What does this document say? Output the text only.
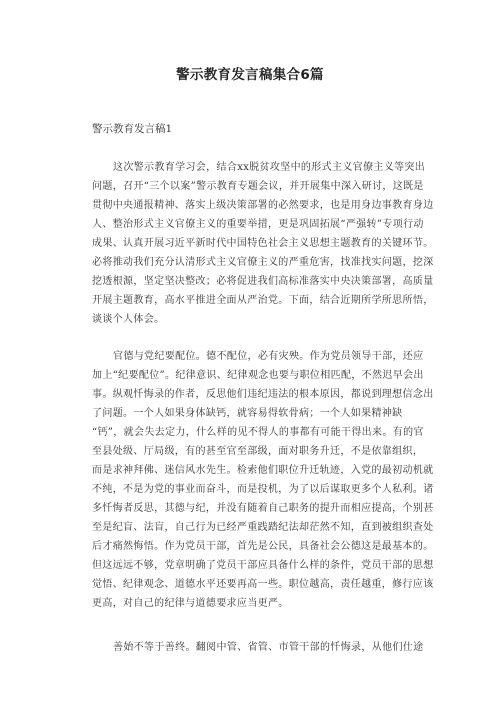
警示教育发言稿集合6篇
警示教育发言稿1
这次警示教育学习会，结合xx脱贫攻坚中的形式主义官僚主义等突出
问题，召开“三个以案”警示教育专题会议，并开展集中深入研讨，这既是
贯彻中央通报精神、落实上级决策部署的必然要求，也是用身边事教育身边
人、整治形式主义官僚主义的重要举措，更是巩固拓展“严强转”专项行动
成果、认真开展习近平新时代中国特色社会主义思想主题教育的关键环节。
必将推动我们充分认清形式主义官僚主义的严重危害，找准找实问题，挖深
挖透根源，坚定坚决整改；必将促进我们高标准落实中央决策部署，高质量
开展主题教育，高水平推进全面从严治党。下面，结合近期所学所思所悟，
谈谈个人体会。
官德与党纪要配位。德不配位，必有灾殃。作为党员领导干部，还应
加上“纪要配位”。纪律意识、纪律观念也要与职位相匹配，不然迟早会出
事。纵观忏悔录的作者，反思他们违纪违法的根本原因，都说到理想信念出
了问题。一个人如果身体缺钙，就容易得软骨病；一个人如果精神缺
“钙”，就会失去定力，什么样的见不得人的事都有可能干得出来。有的官
至县处级、厅局级，有的甚至官至部级，面对职务升迁，不是依靠组织，
而是求神拜佛、迷信风水先生。检索他们职位升迁轨迹，入党的最初动机就
不纯，不是为党的事业而奋斗，而是投机，为了以后谋取更多个人私利。诸
多忏悔者反思，其德与纪，并没有随着自己职务的提升而相应提高，个别甚
至是纪盲、法盲，自己行为已经严重践踏纪法却茫然不知，直到被组织查处
后才痛然悔悟。作为党员干部，首先是公民，具备社会公德这是最基本的。
但这远远不够，党章明确了党员干部应具备什么样的条件，党员干部的思想
觉悟、纪律观念、道德水平还要再高一些。职位越高，责任越重，修行应该
更高，对自己的纪律与道德要求应当更严。
善始不等于善终。翻阅中管、省管、市管干部的忏悔录，从他们仕途
